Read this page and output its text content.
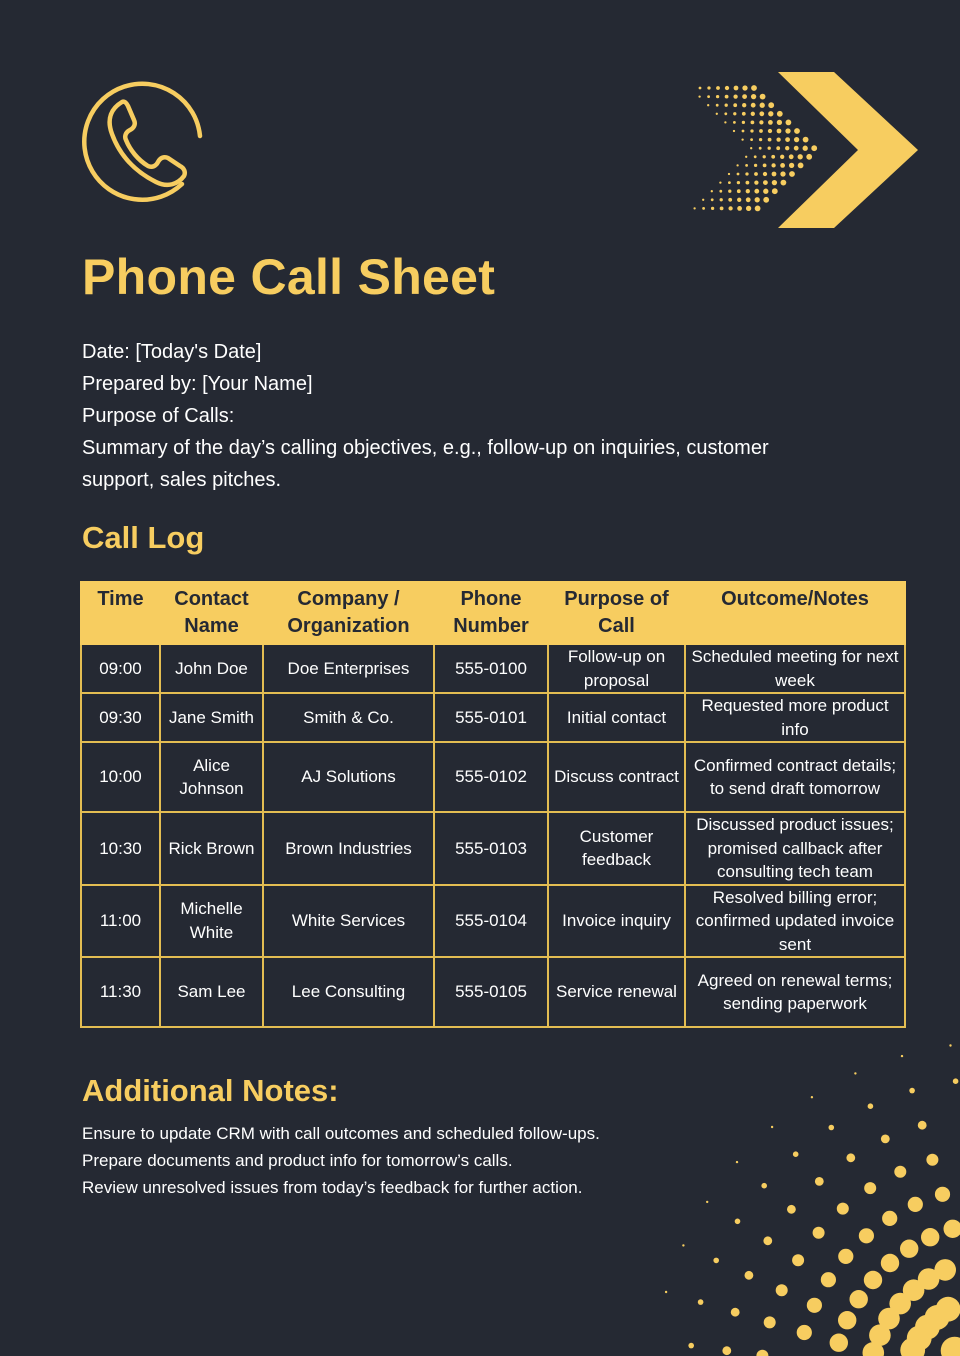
Phone Call Sheet
Date: [Today's Date]
Prepared by: [Your Name]
Purpose of Calls:
Summary of the day’s calling objectives, e.g., follow-up on inquiries, customer support, sales pitches.
Call Log
Time	Contact Name	Company / Organization	Phone Number	Purpose of Call	Outcome/Notes
09:00	John Doe	Doe Enterprises	555-0100	Follow-up on proposal	Scheduled meeting for next week
09:30	Jane Smith	Smith & Co.	555-0101	Initial contact	Requested more product info
10:00	Alice Johnson	AJ Solutions	555-0102	Discuss contract	Confirmed contract details; to send draft tomorrow
10:30	Rick Brown	Brown Industries	555-0103	Customer feedback	Discussed product issues; promised callback after consulting tech team
11:00	Michelle White	White Services	555-0104	Invoice inquiry	Resolved billing error; confirmed updated invoice sent
11:30	Sam Lee	Lee Consulting	555-0105	Service renewal	Agreed on renewal terms; sending paperwork
Additional Notes:
Ensure to update CRM with call outcomes and scheduled follow-ups.
Prepare documents and product info for tomorrow’s calls.
Review unresolved issues from today’s feedback for further action.
